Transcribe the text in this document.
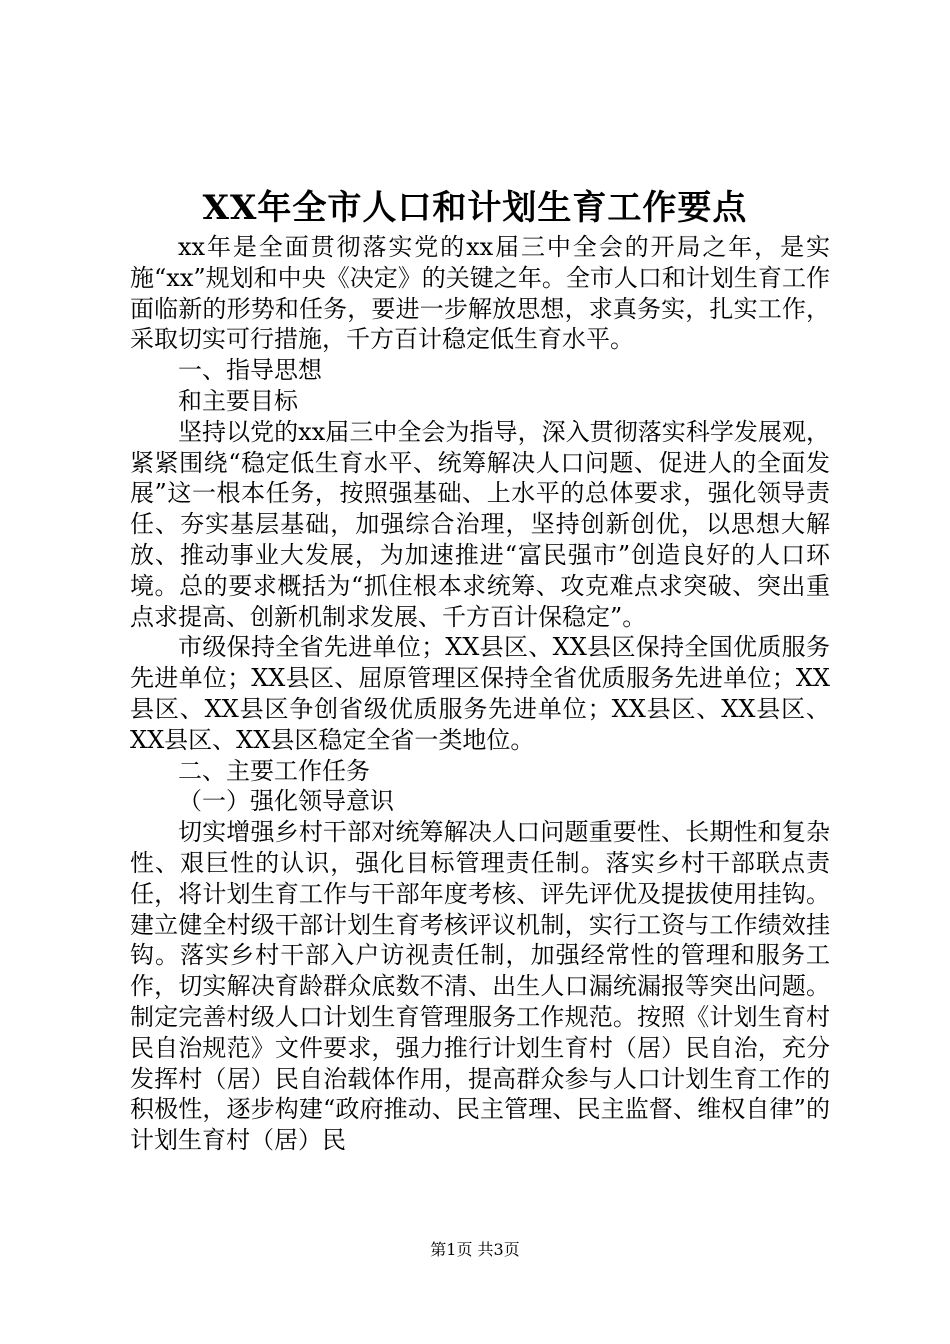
XX年全市人口和计划生育工作要点

xx年是全面贯彻落实党的xx届三中全会的开局之年，是实施“xx”规划和中央《决定》的关键之年。全市人口和计划生育工作面临新的形势和任务，要进一步解放思想，求真务实，扎实工作，采取切实可行措施，千方百计稳定低生育水平。

一、指导思想

和主要目标

坚持以党的xx届三中全会为指导，深入贯彻落实科学发展观，紧紧围绕“稳定低生育水平、统筹解决人口问题、促进人的全面发展”这一根本任务，按照强基础、上水平的总体要求，强化领导责任、夯实基层基础，加强综合治理，坚持创新创优，以思想大解放、推动事业大发展，为加速推进“富民强市”创造良好的人口环境。总的要求概括为“抓住根本求统筹、攻克难点求突破、突出重点求提高、创新机制求发展、千方百计保稳定”。

市级保持全省先进单位；XX县区、XX县区保持全国优质服务先进单位；XX县区、屈原管理区保持全省优质服务先进单位；XX县区、XX县区争创省级优质服务先进单位；XX县区、XX县区、XX县区、XX县区稳定全省一类地位。

二、主要工作任务

（一）强化领导意识

切实增强乡村干部对统筹解决人口问题重要性、长期性和复杂性、艰巨性的认识，强化目标管理责任制。落实乡村干部联点责任，将计划生育工作与干部年度考核、评先评优及提拔使用挂钩。建立健全村级干部计划生育考核评议机制，实行工资与工作绩效挂钩。落实乡村干部入户访视责任制，加强经常性的管理和服务工作，切实解决育龄群众底数不清、出生人口漏统漏报等突出问题。制定完善村级人口计划生育管理服务工作规范。按照《计划生育村民自治规范》文件要求，强力推行计划生育村（居）民自治，充分发挥村（居）民自治载体作用，提高群众参与人口计划生育工作的积极性，逐步构建“政府推动、民主管理、民主监督、维权自律”的计划生育村（居）民

第1页 共3页
